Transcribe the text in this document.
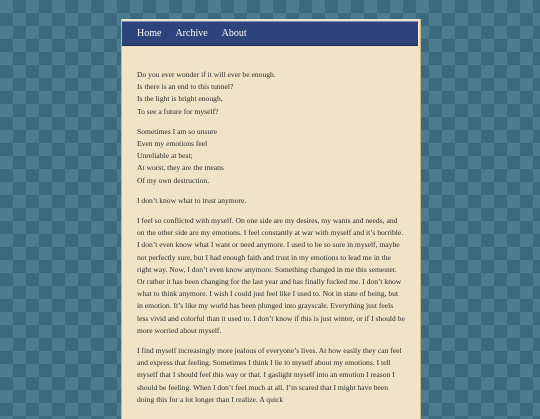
Home Archive About

Do you ever wonder if it will ever be enough.
Is there is an end to this tunnel?
Is the light is bright enough,
To see a future for myself?

Sometimes I am so unsure
Even my emotions feel
Unreliable at best;
At worst, they are the means
Of my own destruction.

I don’t know what to trust anymore.

I feel so conflicted with myself. On one side are my desires, my wants and needs, and on the other side are my emotions. I feel constantly at war with myself and it’s horrible. I don’t even know what I want or need anymore. I used to be so sure in myself, maybe not perfectly sure, but I had enough faith and trust in my emotions to lead me in the right way. Now, I don’t even know anymore. Something changed in me this semester. Or rather it has been changing for the last year and has finally fucked me. I don’t know what to think anymore. I wish I could just feel like I used to. Not in state of being, but in emotion. It’s like my world has been plunged into grayscale. Everything just feels less vivid and colorful than it used to. I don’t know if this is just winter, or if I should be more worried about myself.

I find myself increasingly more jealous of everyone’s lives. At how easily they can feel and express that feeling. Sometimes I think I lie to myself about my emotions. I tell myself that I should feel this way or that. I gaslight myself into an emotion I reason I should be feeling. When I don’t feel much at all. I’m scared that I might have been doing this for a lot longer than I realize. A quick
